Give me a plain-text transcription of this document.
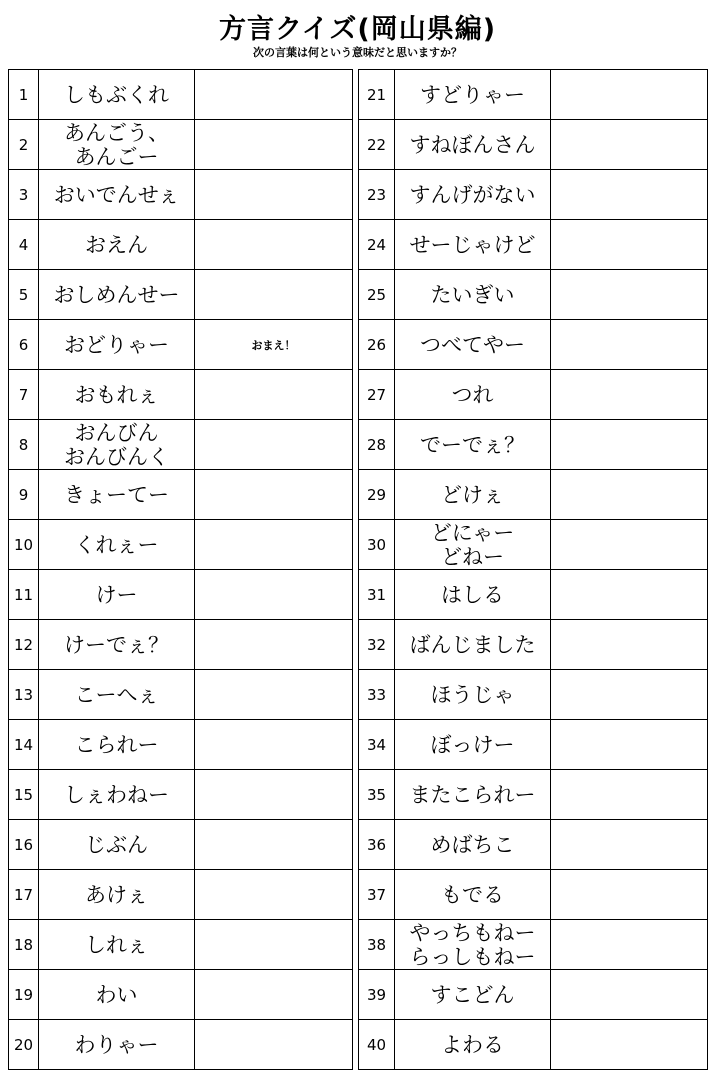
方言クイズ(岡山県編)
次の言葉は何という意味だと思いますか？
1	しもぶくれ	
2	あんごう、
あんごー	
3	おいでんせぇ	
4	おえん	
5	おしめんせー	
6	おどりゃー	おまえ！
7	おもれぇ	
8	おんびん
おんびんく	
9	きょーてー	
10	くれぇー	
11	けー	
12	けーでぇ？	
13	こーへぇ	
14	こられー	
15	しぇわねー	
16	じぶん	
17	あけぇ	
18	しれぇ	
19	わい	
20	わりゃー	
21	すどりゃー	
22	すねぼんさん	
23	すんげがない	
24	せーじゃけど	
25	たいぎい	
26	つべてやー	
27	つれ	
28	でーでぇ？	
29	どけぇ	
30	どにゃー
どねー	
31	はしる	
32	ばんじました	
33	ほうじゃ	
34	ぼっけー	
35	またこられー	
36	めばちこ	
37	もでる	
38	やっちもねー
らっしもねー	
39	すこどん	
40	よわる	
